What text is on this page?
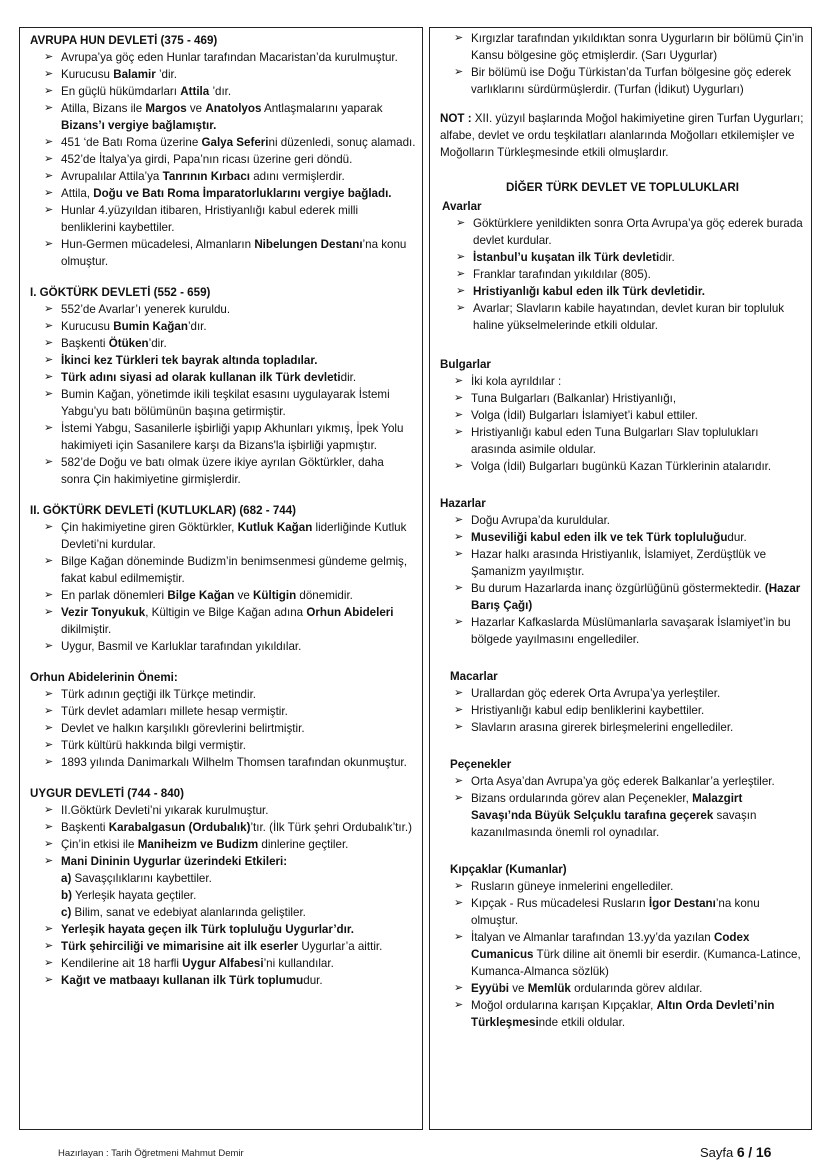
AVRUPA HUN DEVLETİ (375 - 469)
➢ Avrupa’ya göç eden Hunlar tarafından Macaristan’da kurulmuştur.
➢ Kurucusu Balamir ’dir.
➢ En güçlü hükümdarları Attila ’dır.
➢ Atilla, Bizans ile Margos ve Anatolyos Antlaşmalarını yaparak Bizans’ı vergiye bağlamıştır.
➢ 451 ‘de Batı Roma üzerine Galya Seferini düzenledi, sonuç alamadı.
➢ 452’de İtalya’ya girdi, Papa’nın ricası üzerine geri döndü.
➢ Avrupalılar Attila’ya Tanrının Kırbacı adını vermişlerdir.
➢ Attila, Doğu ve Batı Roma İmparatorluklarını vergiye bağladı.
➢ Hunlar 4.yüzyıldan itibaren, Hristiyanlığı kabul ederek milli benliklerini kaybettiler.
➢ Hun-Germen mücadelesi, Almanların Nibelungen Destanı’na konu olmuştur.
I. GÖKTÜRK DEVLETİ (552 - 659)
➢ 552’de Avarlar’ı yenerek kuruldu.
➢ Kurucusu Bumin Kağan’dır.
➢ Başkenti Ötüken’dir.
➢ İkinci kez Türkleri tek bayrak altında topladılar.
➢ Türk adını siyasi ad olarak kullanan ilk Türk devletidir.
➢ Bumin Kağan, yönetimde ikili teşkilat esasını uygulayarak İstemi Yabgu’yu batı bölümünün başına getirmiştir.
➢ İstemi Yabgu, Sasanilerle işbirliği yapıp Akhunları yıkmış, İpek Yolu hakimiyeti için Sasanilere karşı da Bizans'la işbirliği yapmıştır.
➢ 582’de Doğu ve batı olmak üzere ikiye ayrılan Göktürkler, daha sonra Çin hakimiyetine girmişlerdir.
II. GÖKTÜRK DEVLETİ (KUTLUKLAR) (682 - 744)
➢ Çin hakimiyetine giren Göktürkler, Kutluk Kağan liderliğinde Kutluk Devleti’ni kurdular.
➢ Bilge Kağan döneminde Budizm’in benimsenmesi gündeme gelmiş, fakat kabul edilmemiştir.
➢ En parlak dönemleri Bilge Kağan ve Kültigin dönemidir.
➢ Vezir Tonyukuk, Kültigin ve Bilge Kağan adına Orhun Abideleri dikilmiştir.
➢ Uygur, Basmil ve Karluklar tarafından yıkıldılar.
Orhun Abidelerinin Önemi:
➢ Türk adının geçtiği ilk Türkçe metindir.
➢ Türk devlet adamları millete hesap vermiştir.
➢ Devlet ve halkın karşılıklı görevlerini belirtmiştir.
➢ Türk kültürü hakkında bilgi vermiştir.
➢ 1893 yılında Danimarkalı Wilhelm Thomsen tarafından okunmuştur.
UYGUR DEVLETİ (744 - 840)
➢ II.Göktürk Devleti’ni yıkarak kurulmuştur.
➢ Başkenti Karabalgasun (Ordubalık)’tır. (İlk Türk şehri Ordubalık’tır.)
➢ Çin’in etkisi ile Maniheizm ve Budizm dinlerine geçtiler.
➢ Mani Dininin Uygurlar üzerindeki Etkileri:
a) Savaşçılıklarını kaybettiler.
b) Yerleşik hayata geçtiler.
c) Bilim, sanat ve edebiyat alanlarında geliştiler.
➢ Yerleşik hayata geçen ilk Türk topluluğu Uygurlar’dır.
➢ Türk şehirciliği ve mimarisine ait ilk eserler Uygurlar’a aittir.
➢ Kendilerine ait 18 harfli Uygur Alfabesi’ni kullandılar.
➢ Kağıt ve matbaayı kullanan ilk Türk toplumudur.
➢ Kırgızlar tarafından yıkıldıktan sonra Uygurların bir bölümü Çin’in Kansu bölgesine göç etmişlerdir. (Sarı Uygurlar)
➢ Bir bölümü ise Doğu Türkistan’da Turfan bölgesine göç ederek varlıklarını sürdürmüşlerdir. (Turfan (İdikut) Uygurları)
NOT : XII. yüzyıl başlarında Moğol hakimiyetine giren Turfan Uygurları; alfabe, devlet ve ordu teşkilatları alanlarında Moğolları etkilemişler ve Moğolların Türkleşmesinde etkili olmuşlardır.
DİĞER TÜRK DEVLET VE TOPLULUKLARI
Avarlar
➢ Göktürklere yenildikten sonra Orta Avrupa’ya göç ederek burada devlet kurdular.
➢ İstanbul’u kuşatan ilk Türk devletidir.
➢ Franklar tarafından yıkıldılar (805).
➢ Hristiyanlığı kabul eden ilk Türk devletidir.
➢ Avarlar; Slavların kabile hayatından, devlet kuran bir topluluk haline yükselmelerinde etkili oldular.
Bulgarlar
➢ İki kola ayrıldılar :
➢ Tuna Bulgarları (Balkanlar) Hristiyanlığı,
➢ Volga (İdil) Bulgarları İslamiyet’i kabul ettiler.
➢ Hristiyanlığı kabul eden Tuna Bulgarları Slav toplulukları arasında asimile oldular.
➢ Volga (İdil) Bulgarları bugünkü Kazan Türklerinin atalarıdır.
Hazarlar
➢ Doğu Avrupa’da kuruldular.
➢ Museviliği kabul eden ilk ve tek Türk topluluğudur.
➢ Hazar halkı arasında Hristiyanlık, İslamiyet, Zerdüştlük ve Şamanizm yayılmıştır.
➢ Bu durum Hazarlarda inanç özgürlüğünü göstermektedir. (Hazar Barış Çağı)
➢ Hazarlar Kafkaslarda Müslümanlarla savaşarak İslamiyet’in bu bölgede yayılmasını engellediler.
Macarlar
➢ Urallardan göç ederek Orta Avrupa’ya yerleştiler.
➢ Hristiyanlığı kabul edip benliklerini kaybettiler.
➢ Slavların arasına girerek birleşmelerini engellediler.
Peçenekler
➢ Orta Asya’dan Avrupa’ya göç ederek Balkanlar’a yerleştiler.
➢ Bizans ordularında görev alan Peçenekler, Malazgirt Savaşı’nda Büyük Selçuklu tarafına geçerek savaşın kazanılmasında önemli rol oynadılar.
Kıpçaklar (Kumanlar)
➢ Rusların güneye inmelerini engellediler.
➢ Kıpçak - Rus mücadelesi Rusların İgor Destanı’na konu olmuştur.
➢ İtalyan ve Almanlar tarafından 13.yy’da yazılan Codex Cumanicus Türk diline ait önemli bir eserdir. (Kumanca-Latince, Kumanca-Almanca sözlük)
➢ Eyyübi ve Memlük ordularında görev aldılar.
➢ Moğol ordularına karışan Kıpçaklar, Altın Orda Devleti’nin Türkleşmesinde etkili oldular.
Hazırlayan : Tarih Öğretmeni Mahmut Demir	Sayfa 6 / 16
